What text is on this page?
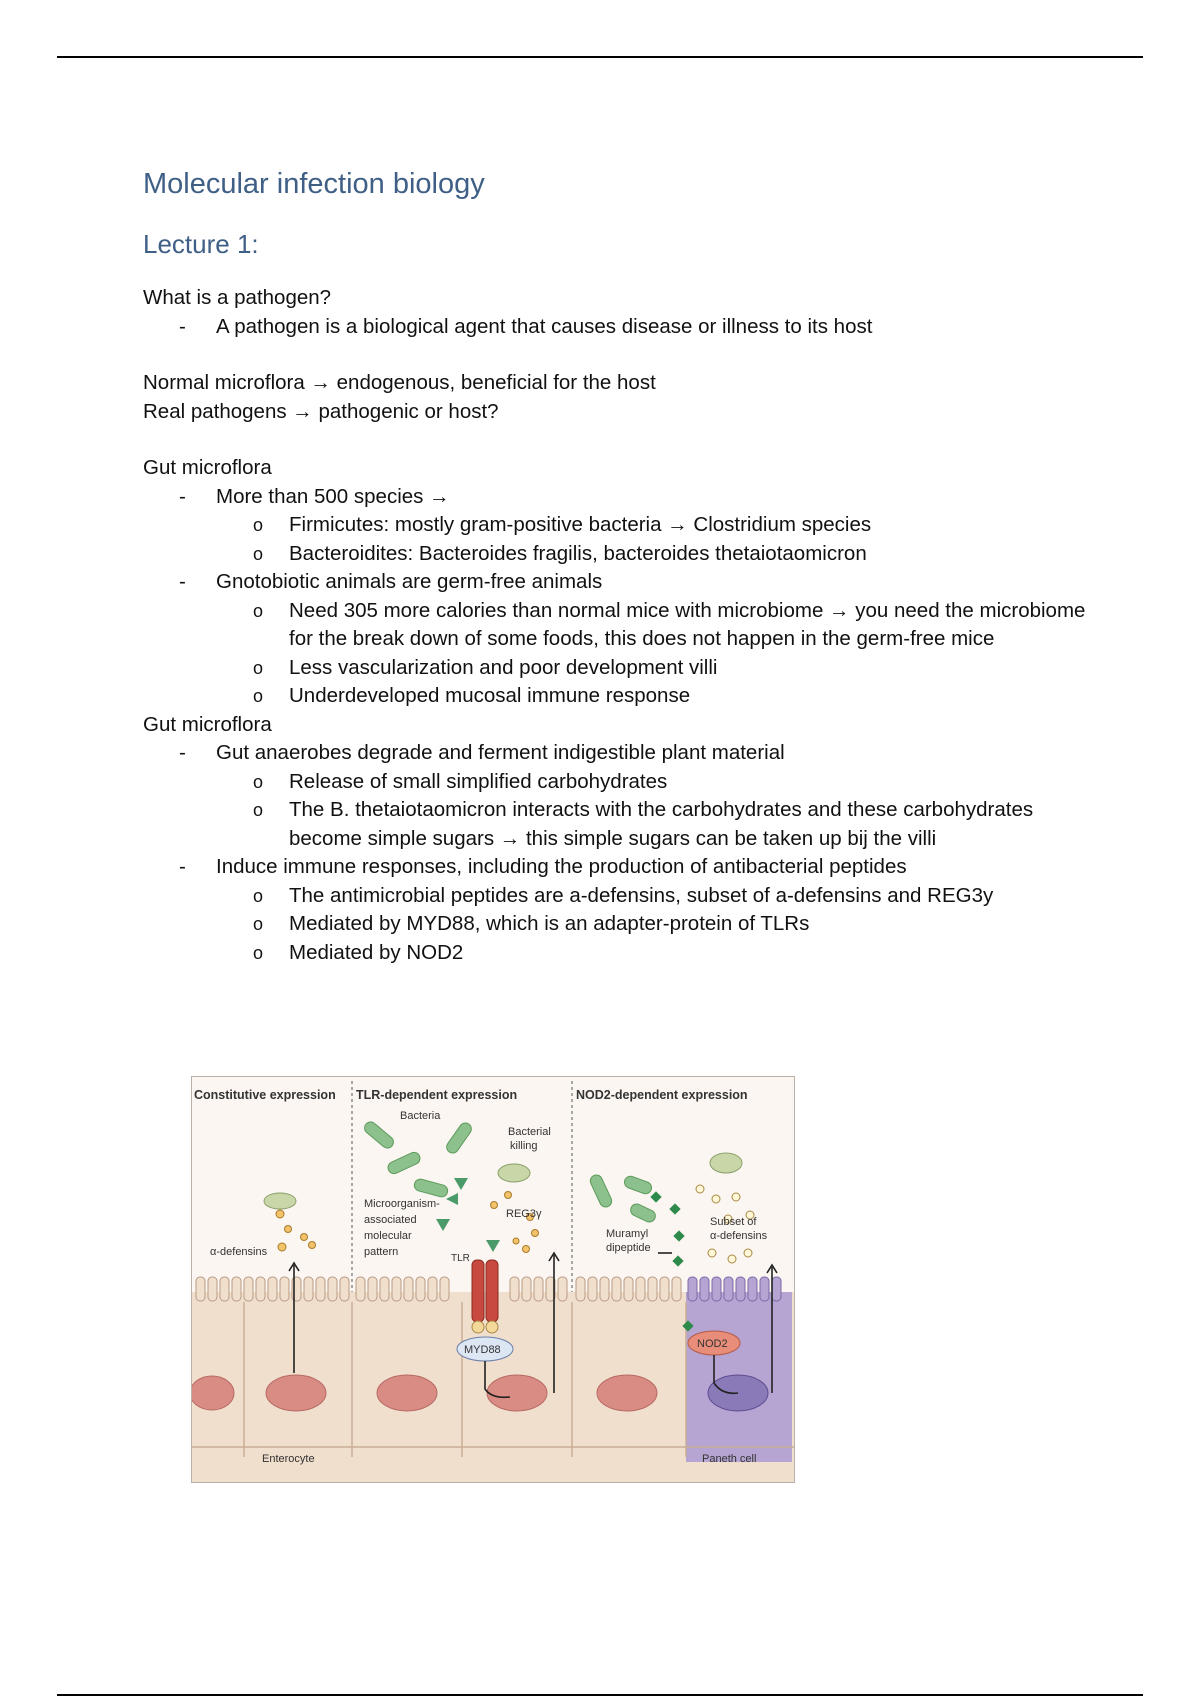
Molecular infection biology
Lecture 1:
What is a pathogen?
- A pathogen is a biological agent that causes disease or illness to its host
Normal microflora → endogenous, beneficial for the host
Real pathogens → pathogenic or host?
Gut microflora
- More than 500 species →
o Firmicutes: mostly gram-positive bacteria → Clostridium species
o Bacteroidites: Bacteroides fragilis, bacteroides thetaiotaomicron
- Gnotobiotic animals are germ-free animals
o Need 305 more calories than normal mice with microbiome → you need the microbiome for the break down of some foods, this does not happen in the germ-free mice
o Less vascularization and poor development villi
o Underdeveloped mucosal immune response
Gut microflora
- Gut anaerobes degrade and ferment indigestible plant material
o Release of small simplified carbohydrates
o The B. thetaiotaomicron interacts with the carbohydrates and these carbohydrates become simple sugars → this simple sugars can be taken up bij the villi
- Induce immune responses, including the production of antibacterial peptides
o The antimicrobial peptides are a-defensins, subset of a-defensins and REG3y
o Mediated by MYD88, which is an adapter-protein of TLRs
o Mediated by NOD2
Constitutive expression TLR-dependent expression	NOD2-dependent expression
Bacteria
α-defensins
Microorganism-
associated
molecular
pattern
Bacterial
killing
REG3γ
TLR
Muramyl
dipeptide
Subset of
α-defensins
MYD88	NOD2
Enterocyte	Paneth cell
